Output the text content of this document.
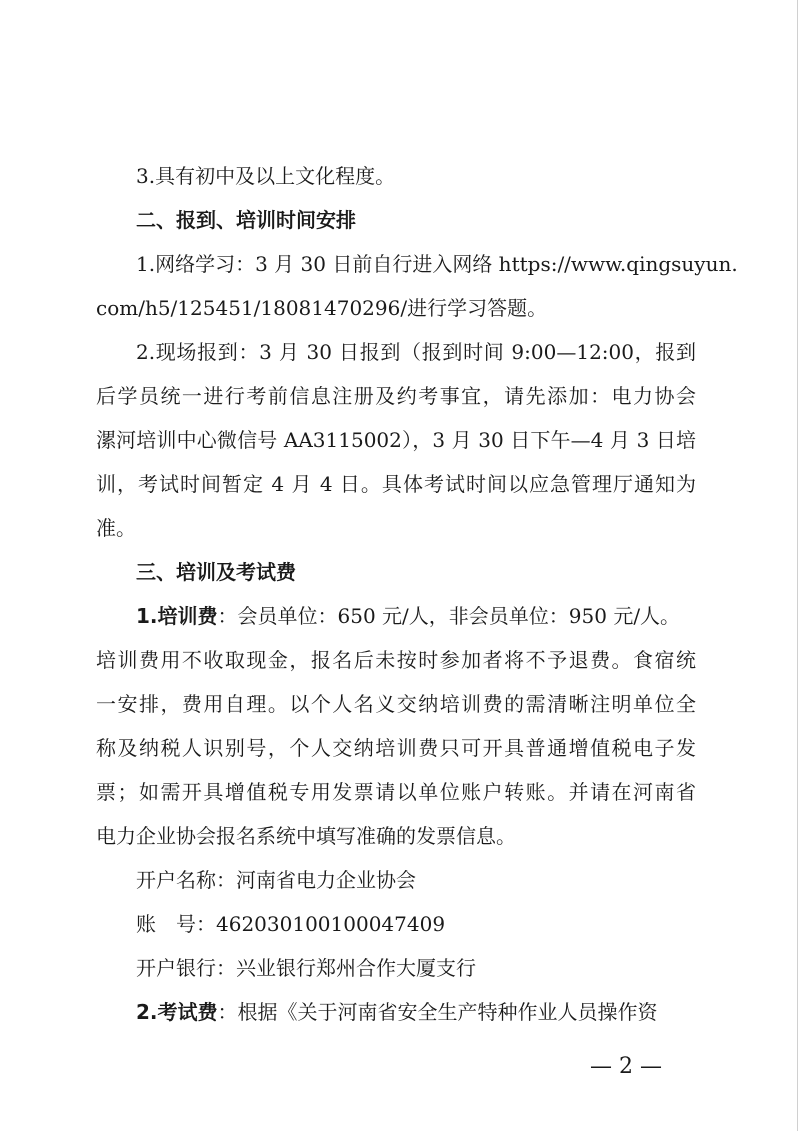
3.具有初中及以上文化程度。
二、报到、培训时间安排
1.网络学习：3 月 30 日前自行进入网络 https://www.qingsuyun.
com/h5/125451/18081470296/进行学习答题。
2.现场报到：3 月 30 日报到（报到时间 9:00—12:00，报到
后学员统一进行考前信息注册及约考事宜，请先添加：电力协会
漯河培训中心微信号 AA3115002），3 月 30 日下午—4 月 3 日培
训，考试时间暂定 4 月 4 日。具体考试时间以应急管理厅通知为
准。
三、培训及考试费
1.培训费：会员单位：650 元/人，非会员单位：950 元/人。
培训费用不收取现金，报名后未按时参加者将不予退费。食宿统
一安排，费用自理。以个人名义交纳培训费的需清晰注明单位全
称及纳税人识别号，个人交纳培训费只可开具普通增值税电子发
票；如需开具增值税专用发票请以单位账户转账。并请在河南省
电力企业协会报名系统中填写准确的发票信息。
开户名称：河南省电力企业协会
账　号：462030100100047409
开户银行：兴业银行郑州合作大厦支行
2.考试费：根据《关于河南省安全生产特种作业人员操作资
— 2 —
